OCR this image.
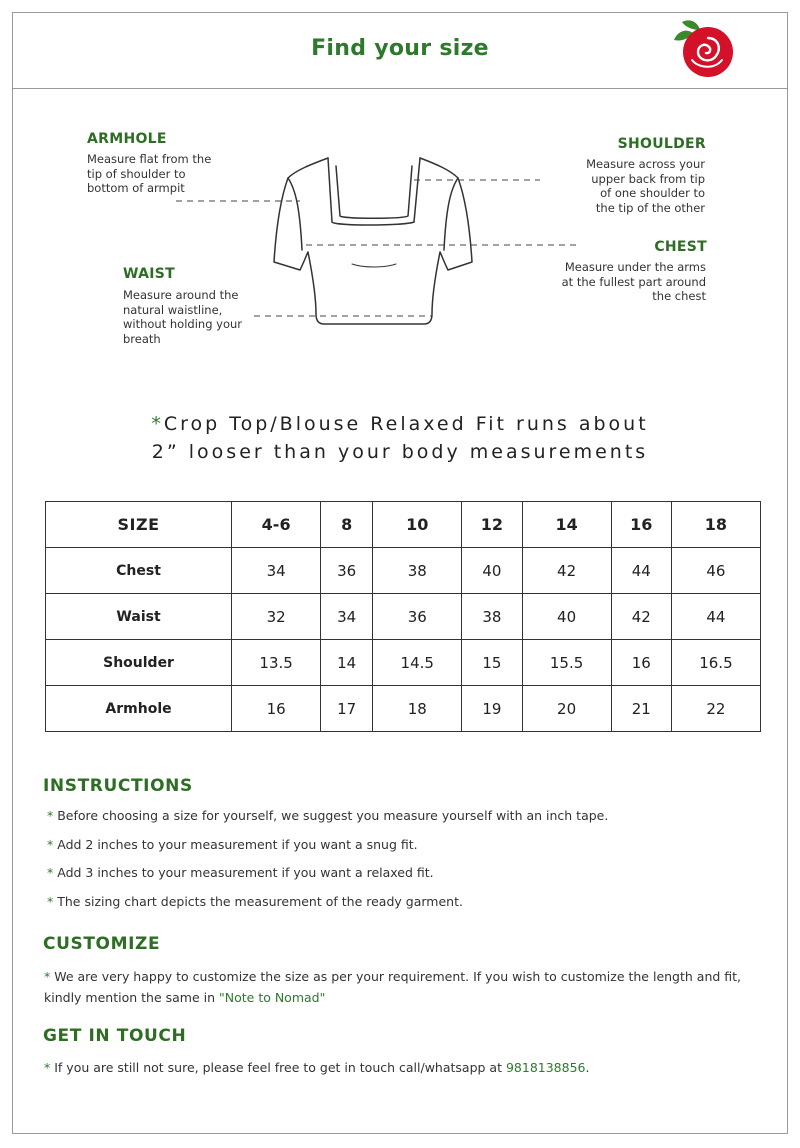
Find your size
ARMHOLE
Measure flat from the
tip of shoulder to
bottom of armpit
WAIST
Measure around the
natural waistline,
without holding your
breath
SHOULDER
Measure across your
upper back from tip
of one shoulder to
the tip of the other
CHEST
Measure under the arms
at the fullest part around
the chest
*Crop Top/Blouse Relaxed Fit runs about
2” looser than your body measurements
SIZE	4-6	8	10	12	14	16	18
Chest	34	36	38	40	42	44	46
Waist	32	34	36	38	40	42	44
Shoulder	13.5	14	14.5	15	15.5	16	16.5
Armhole	16	17	18	19	20	21	22
INSTRUCTIONS
* Before choosing a size for yourself, we suggest you measure yourself with an inch tape.
* Add 2 inches to your measurement if you want a snug fit.
* Add 3 inches to your measurement if you want a relaxed fit.
* The sizing chart depicts the measurement of the ready garment.
CUSTOMIZE
* We are very happy to customize the size as per your requirement. If you wish to customize the length and fit,
kindly mention the same in "Note to Nomad"
GET IN TOUCH
* If you are still not sure, please feel free to get in touch call/whatsapp at 9818138856.
